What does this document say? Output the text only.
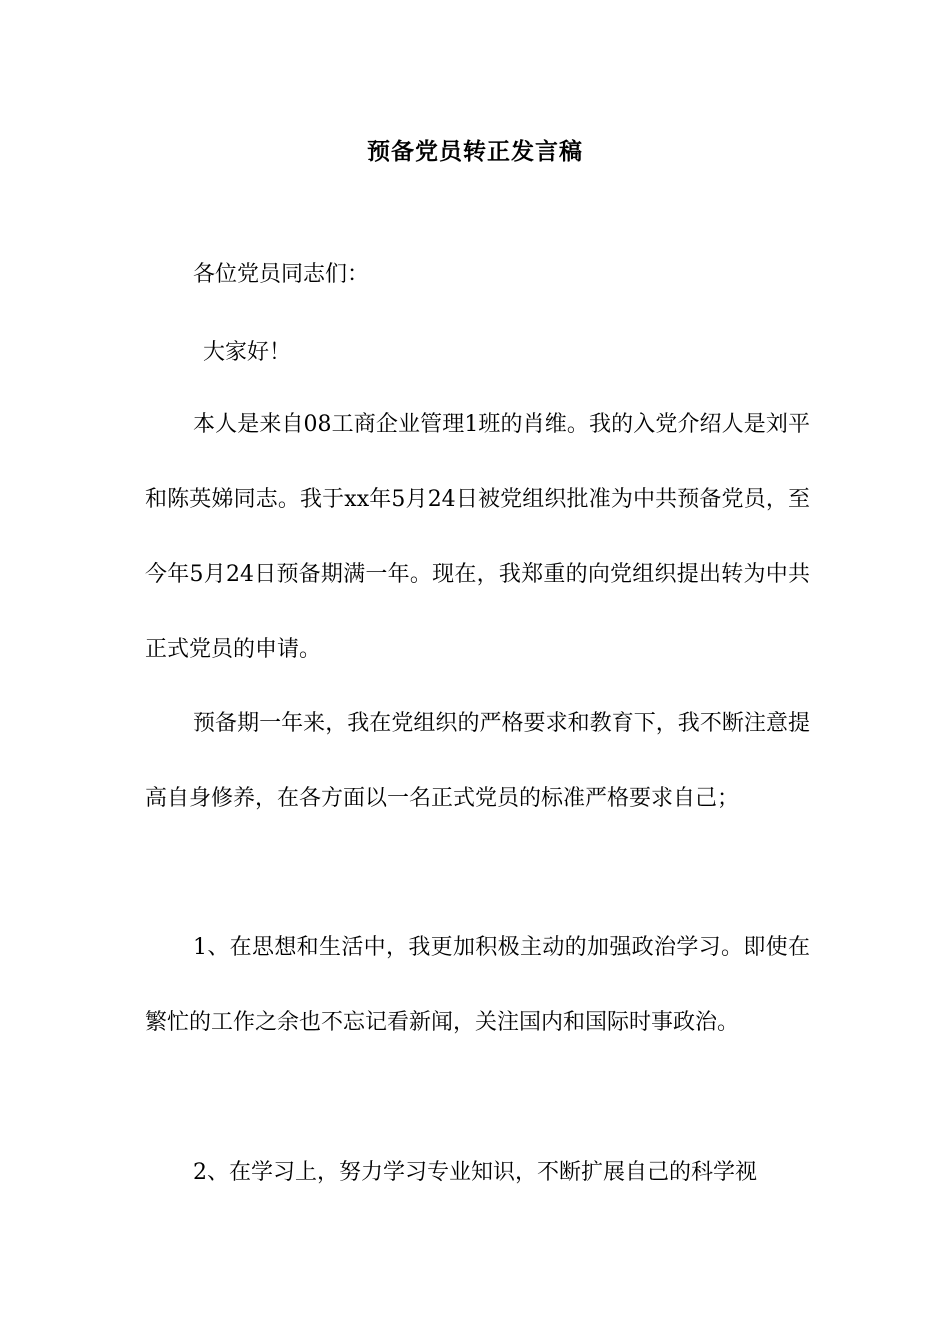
预备党员转正发言稿

各位党员同志们：

大家好！

本人是来自08工商企业管理1班的肖维。我的入党介绍人是刘平和陈英娣同志。我于xx年5月24日被党组织批准为中共预备党员，至今年5月24日预备期满一年。现在，我郑重的向党组织提出转为中共正式党员的申请。

预备期一年来，我在党组织的严格要求和教育下，我不断注意提高自身修养，在各方面以一名正式党员的标准严格要求自己；

1、在思想和生活中，我更加积极主动的加强政治学习。即使在繁忙的工作之余也不忘记看新闻，关注国内和国际时事政治。

2、在学习上，努力学习专业知识，不断扩展自己的科学视
